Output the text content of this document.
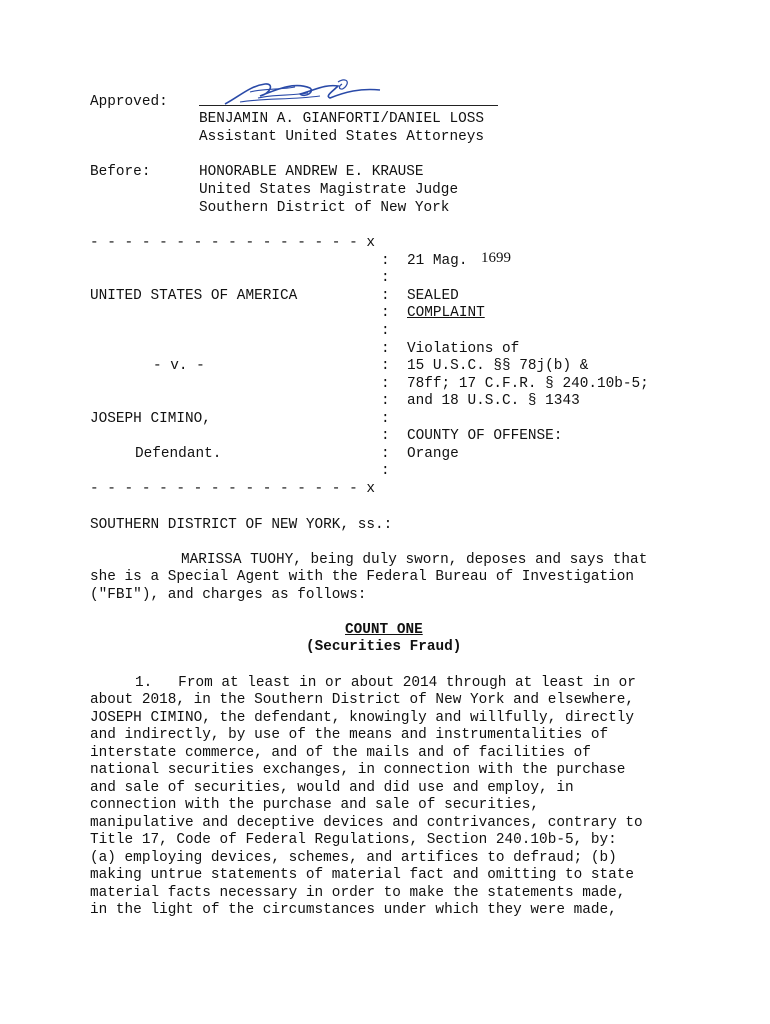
Approved:
BENJAMIN A. GIANFORTI/DANIEL LOSS
Assistant United States Attorneys
Before:	HONORABLE ANDREW E. KRAUSE
United States Magistrate Judge
Southern District of New York
- - - - - - - - - - - - - - - - x
: 21 Mag. 1699
:
UNITED STATES OF AMERICA	: SEALED
: COMPLAINT
:
: Violations of
- v. -	: 15 U.S.C. §§ 78j(b) &
: 78ff; 17 C.F.R. § 240.10b-5;
: and 18 U.S.C. § 1343
JOSEPH CIMINO,	:
: COUNTY OF OFFENSE:
Defendant.	: Orange
:
- - - - - - - - - - - - - - - - x
SOUTHERN DISTRICT OF NEW YORK, ss.:
MARISSA TUOHY, being duly sworn, deposes and says that
she is a Special Agent with the Federal Bureau of Investigation
("FBI"), and charges as follows:
COUNT ONE
(Securities Fraud)
1.   From at least in or about 2014 through at least in or
about 2018, in the Southern District of New York and elsewhere,
JOSEPH CIMINO, the defendant, knowingly and willfully, directly
and indirectly, by use of the means and instrumentalities of
interstate commerce, and of the mails and of facilities of
national securities exchanges, in connection with the purchase
and sale of securities, would and did use and employ, in
connection with the purchase and sale of securities,
manipulative and deceptive devices and contrivances, contrary to
Title 17, Code of Federal Regulations, Section 240.10b-5, by:
(a) employing devices, schemes, and artifices to defraud; (b)
making untrue statements of material fact and omitting to state
material facts necessary in order to make the statements made,
in the light of the circumstances under which they were made,
